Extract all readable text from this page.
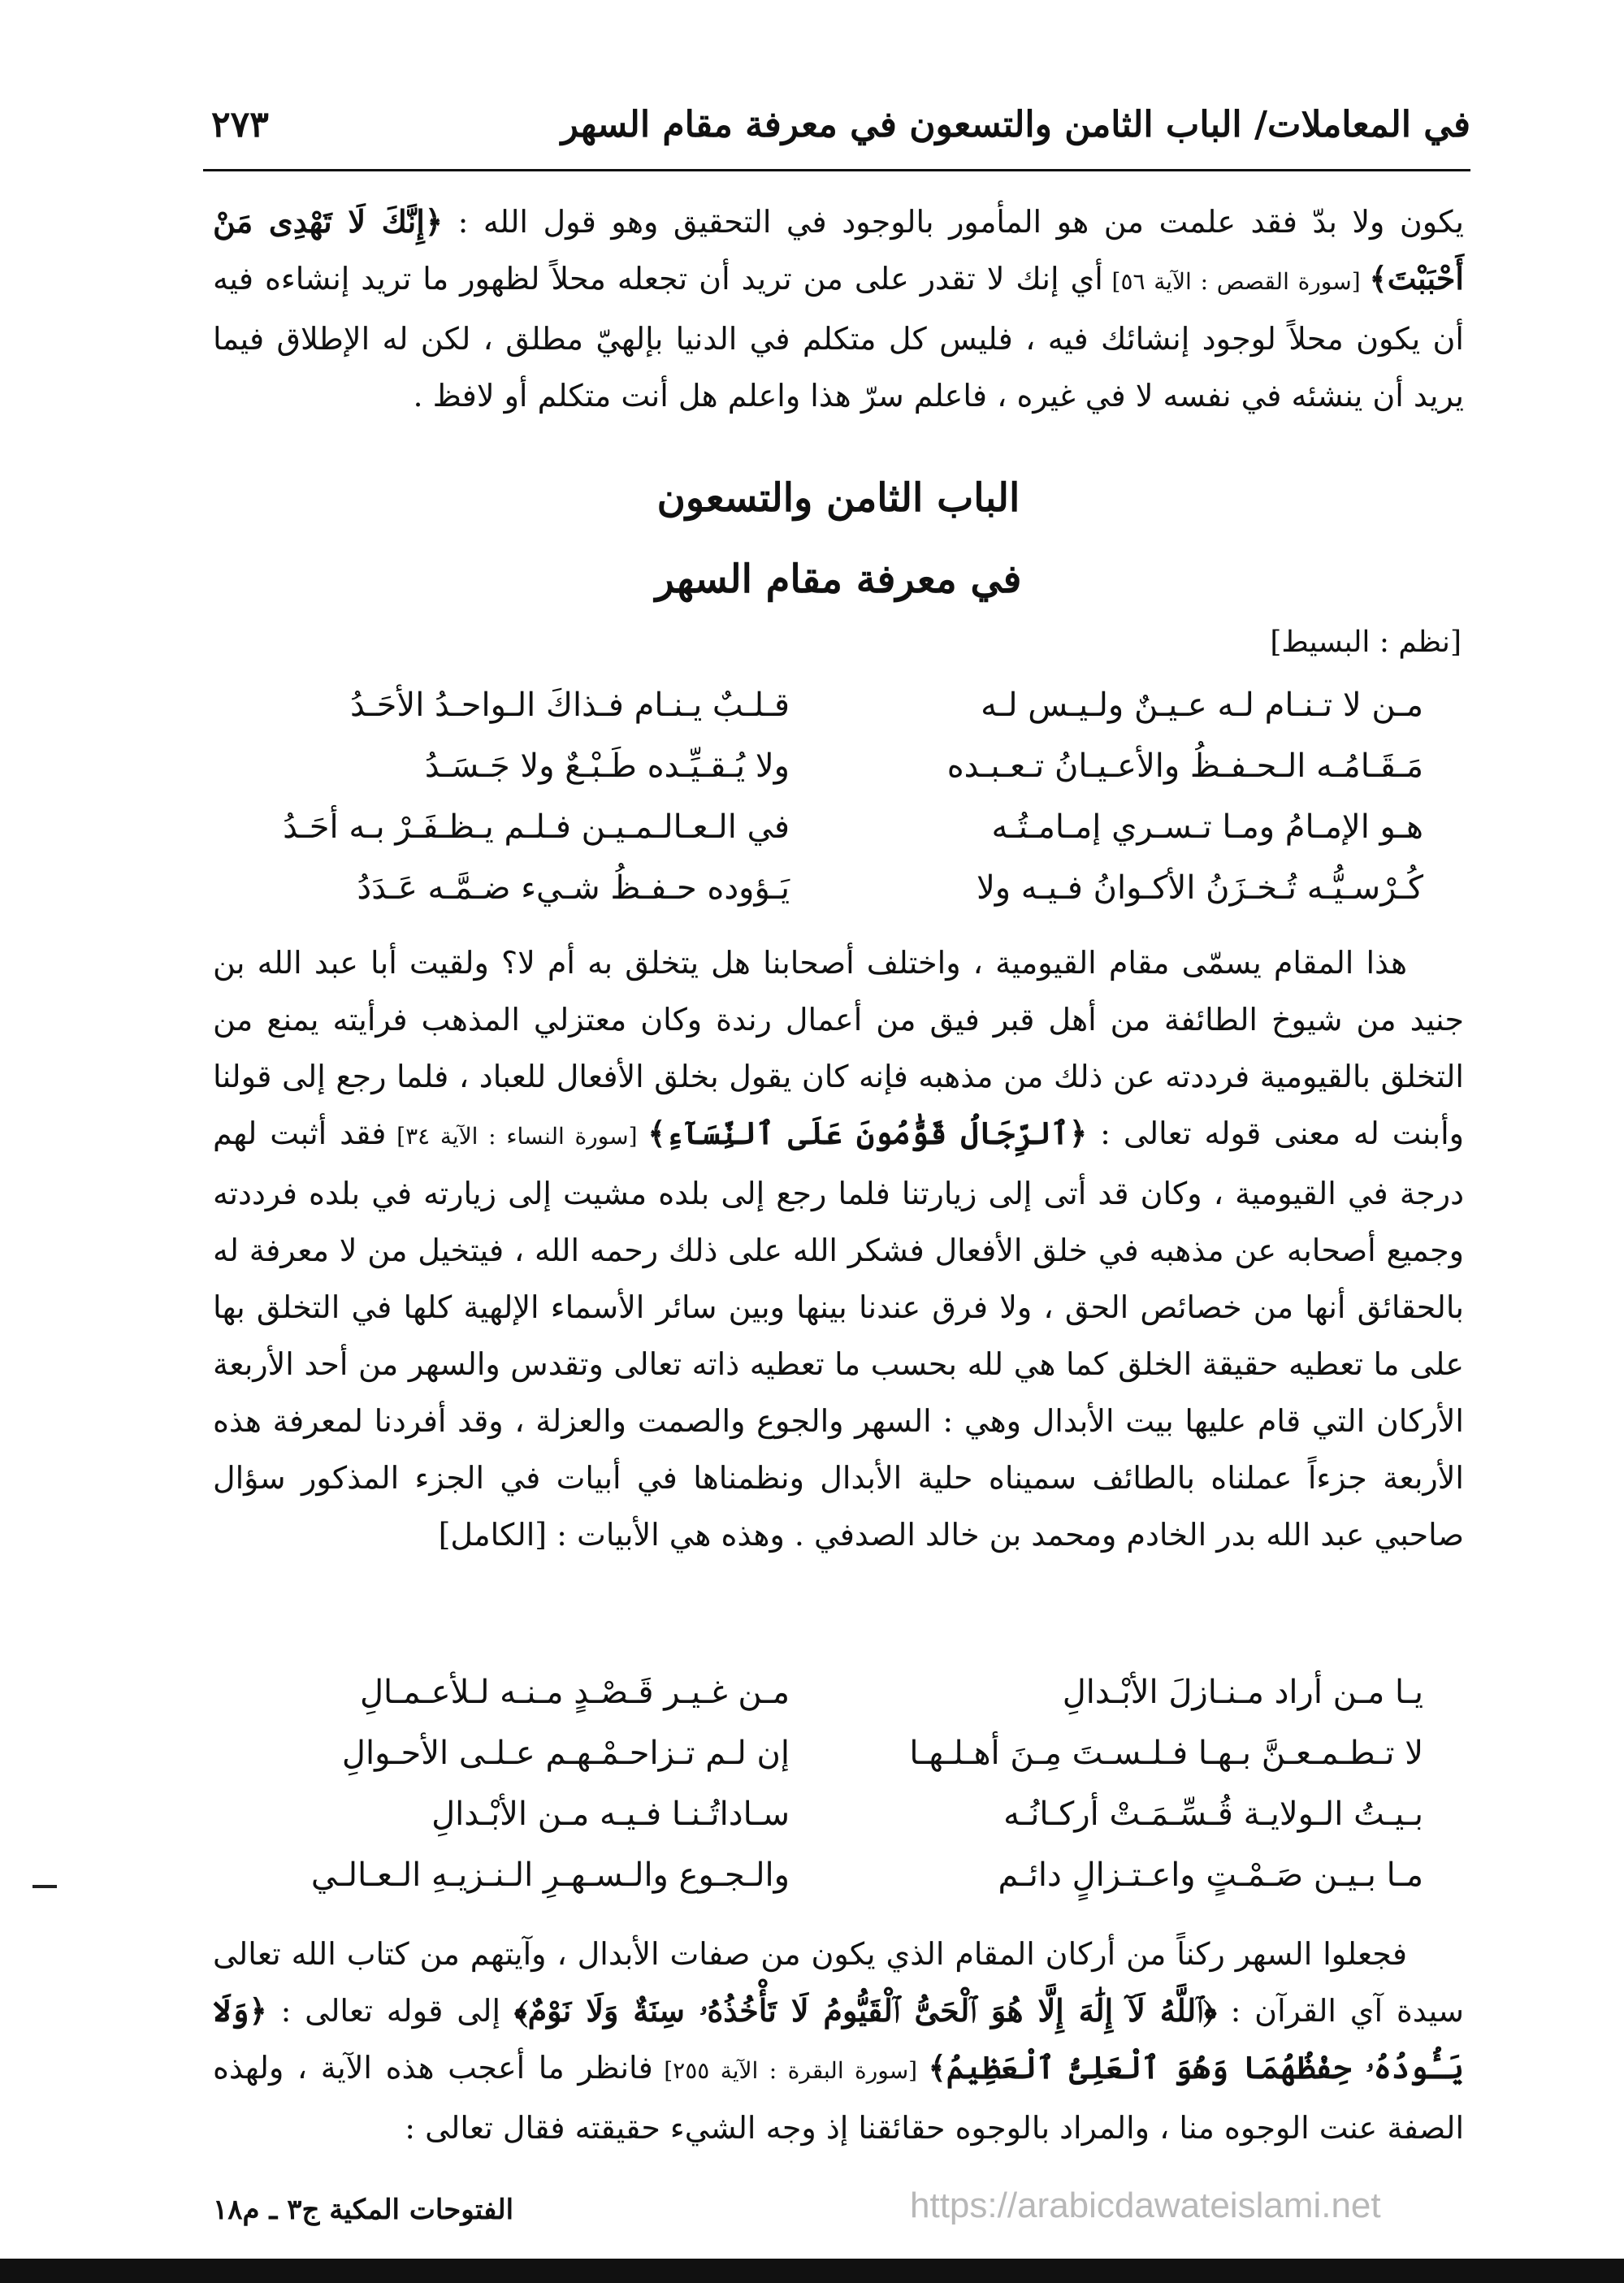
في المعاملات/ الباب الثامن والتسعون في معرفة مقام السهر
٢٧٣
يكون ولا بدّ فقد علمت من هو المأمور بالوجود في التحقيق وهو قول الله : ﴿إِنَّكَ لَا تَهْدِى مَنْ أَحْبَبْتَ﴾ [سورة القصص : الآية ٥٦] أي إنك لا تقدر على من تريد أن تجعله محلاً لظهور ما تريد إنشاءه فيه أن يكون محلاً لوجود إنشائك فيه ، فليس كل متكلم في الدنيا بإلهيّ مطلق ، لكن له الإطلاق فيما يريد أن ينشئه في نفسه لا في غيره ، فاعلم سرّ هذا واعلم هل أنت متكلم أو لافظ .
الباب الثامن والتسعون
في معرفة مقام السهر
[نظم : البسيط]
مـن لا تـنـام لـه عـيـنٌ ولـيـس لـه
قـلـبٌ يـنـام فـذاكَ الـواحـدُ الأحَـدُ
مَـقَـامُـه الـحـفـظُ والأعـيـانُ تـعـبـده
ولا يُـقـيِّـده طَـبْـعٌ ولا جَـسَـدُ
هـو الإمـامُ ومـا تـسـري إمـامـتُـه
في الـعـالـمـيـن فـلـم يـظـفَـرْ بـه أحَـدُ
كُـرْسـيُّـه تُـخـزَنُ الأكـوانُ فـيـه ولا
يَـؤوده حـفـظُ شـيء ضـمَّـه عَـدَدُ
هذا المقام يسمّى مقام القيومية ، واختلف أصحابنا هل يتخلق به أم لا؟ ولقيت أبا عبد الله بن جنيد من شيوخ الطائفة من أهل قبر فيق من أعمال رندة وكان معتزلي المذهب فرأيته يمنع من التخلق بالقيومية فرددته عن ذلك من مذهبه فإنه كان يقول بخلق الأفعال للعباد ، فلما رجع إلى قولنا وأبنت له معنى قوله تعالى : ﴿ٱلرِّجَالُ قَوَّٰمُونَ عَلَى ٱلنِّسَآءِ﴾ [سورة النساء : الآية ٣٤] فقد أثبت لهم درجة في القيومية ، وكان قد أتى إلى زيارتنا فلما رجع إلى بلده مشيت إلى زيارته في بلده فرددته وجميع أصحابه عن مذهبه في خلق الأفعال فشكر الله على ذلك رحمه الله ، فيتخيل من لا معرفة له بالحقائق أنها من خصائص الحق ، ولا فرق عندنا بينها وبين سائر الأسماء الإلهية كلها في التخلق بها على ما تعطيه حقيقة الخلق كما هي لله بحسب ما تعطيه ذاته تعالى وتقدس والسهر من أحد الأربعة الأركان التي قام عليها بيت الأبدال وهي : السهر والجوع والصمت والعزلة ، وقد أفردنا لمعرفة هذه الأربعة جزءاً عملناه بالطائف سميناه حلية الأبدال ونظمناها في أبيات في الجزء المذكور سؤال صاحبي عبد الله بدر الخادم ومحمد بن خالد الصدفي . وهذه هي الأبيات : [الكامل]
يـا مـن أراد مـنـازلَ الأبْـدالِ
مـن غـيـر قَـصْـدٍ مـنـه لـلأعـمـالِ
لا تـطـمـعـنَّ بـهـا فـلـسـتَ مِـنَ أهـلـهـا
إن لـم تـزاحـمْـهـم عـلـى الأحـوالِ
بـيـتُ الـولايـة قُـسِّـمَـتْ أركـانُـه
سـاداتُـنـا فـيـه مـن الأبْـدالِ
مـا بـيـن صَـمْـتٍ واعـتـزالٍ دائـم
والـجـوع والـسـهـرِ الـنـزيـهِ الـعـالـي
فجعلوا السهر ركناً من أركان المقام الذي يكون من صفات الأبدال ، وآيتهم من كتاب الله تعالى سيدة آي القرآن : ﴿ٱللَّهُ لَآ إِلَٰهَ إِلَّا هُوَ ٱلْحَىُّ ٱلْقَيُّومُ لَا تَأْخُذُهُۥ سِنَةٌ وَلَا نَوْمٌ﴾ إلى قوله تعالى : ﴿وَلَا يَـُٔودُهُۥ حِفْظُهُمَا وَهُوَ ٱلْعَلِىُّ ٱلْعَظِيمُ﴾ [سورة البقرة : الآية ٢٥٥] فانظر ما أعجب هذه الآية ، ولهذه الصفة عنت الوجوه منا ، والمراد بالوجوه حقائقنا إذ وجه الشيء حقيقته فقال تعالى :
الفتوحات المكية ج٣ ـ م١٨	https://arabicdawateislami.net
